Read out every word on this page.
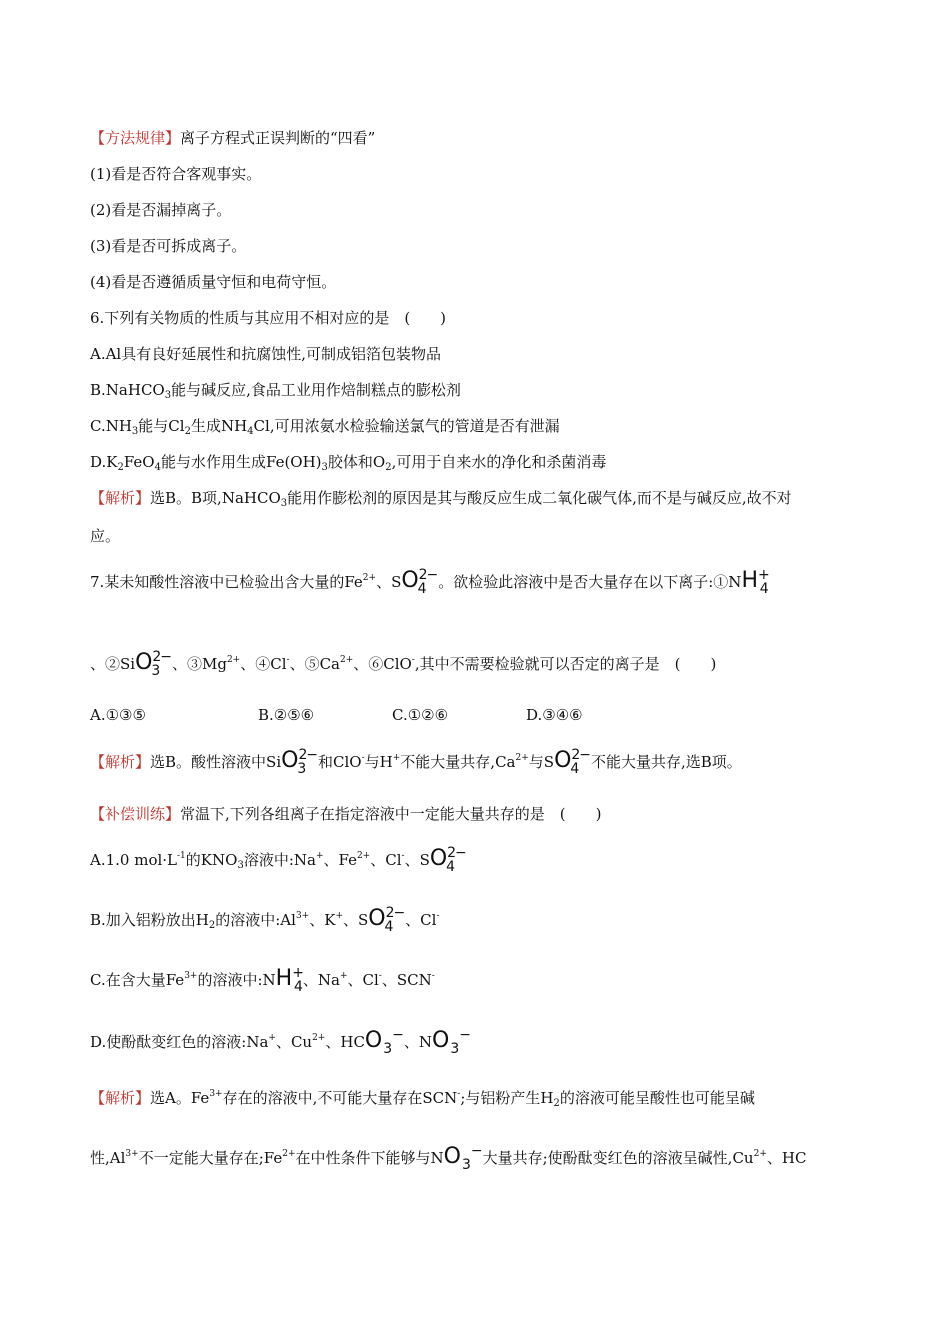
【方法规律】离子方程式正误判断的“四看”
(1)看是否符合客观事实。
(2)看是否漏掉离子。
(3)看是否可拆成离子。
(4)看是否遵循质量守恒和电荷守恒。
6.下列有关物质的性质与其应用不相对应的是　(　　)
A.Al具有良好延展性和抗腐蚀性,可制成铝箔包装物品
B.NaHCO$_3$能与碱反应,食品工业用作焙制糕点的膨松剂
$C.NH_3$能与$Cl_2$生成$NH_4Cl$,可用浓氨水检验输送氯气的管道是否有泄漏
$D.K_2FeO_4$能与水作用生成$Fe(OH)_3$胶体和$O_2$,可用于自来水的净化和杀菌消毒
【解析】选B。B项,NaHCO$_3$能用作膨松剂的原因是其与酸反应生成二氧化碳气体,而不是与碱反应,故不对
应。
7.某未知酸性溶液中已检验出含大量的$Fe^{2+}$、$SO^2_4^-$。欲检验此溶液中是否大量存在以下离子$:①NH^+_4$
、②SiO$^2_3$−、$③Mg^{2+}$、④Cl-、$⑤Ca^{2+}$、⑥ClO-,其中不需要检验就可以否定的离子是　(　　)
A.①③⑤	B.②⑤⑥	C.①②⑥	D.③④⑥
【解析】选B。酸性溶液中SiO$^2_3$−和ClO-与H+不能大量共存$,Ca^{2+}$与$SO^2_4^-$不能大量共存,选B项。
【补偿训练】常温下,下列各组离子在指定溶液中一定能大量共存的是　(　　)
A.1.0 $mol\cdot L^{-1}$的$KNO_3$溶液中:Na+、$Fe^{2+}$、Cl-、$SO^2_4^-$
B.加入铝粉放出$H_2$的溶液中$:Al^{3+}$、K+、$SO^2_4^-$、Cl-
C.在含大量$Fe^{3+}$的溶液中$:NH^+_4$、Na+、Cl-、SCN-
D.使酚酞变红色的溶液:Na+、$Cu^{2+}$、$HCO_3^-$、$NO_3^-$
【解析】选A。$Fe^{3+}$存在的溶液中,不可能大量存在SCN-;与铝粉产生$H_2$的溶液可能呈酸性也可能呈碱
性$,Al^{3+}$不一定能大量存在$;Fe^{2+}$在中性条件下能够与$NO_3^-$大量共存;使酚酞变红色的溶液呈碱性$,Cu^{2+}$、HC
